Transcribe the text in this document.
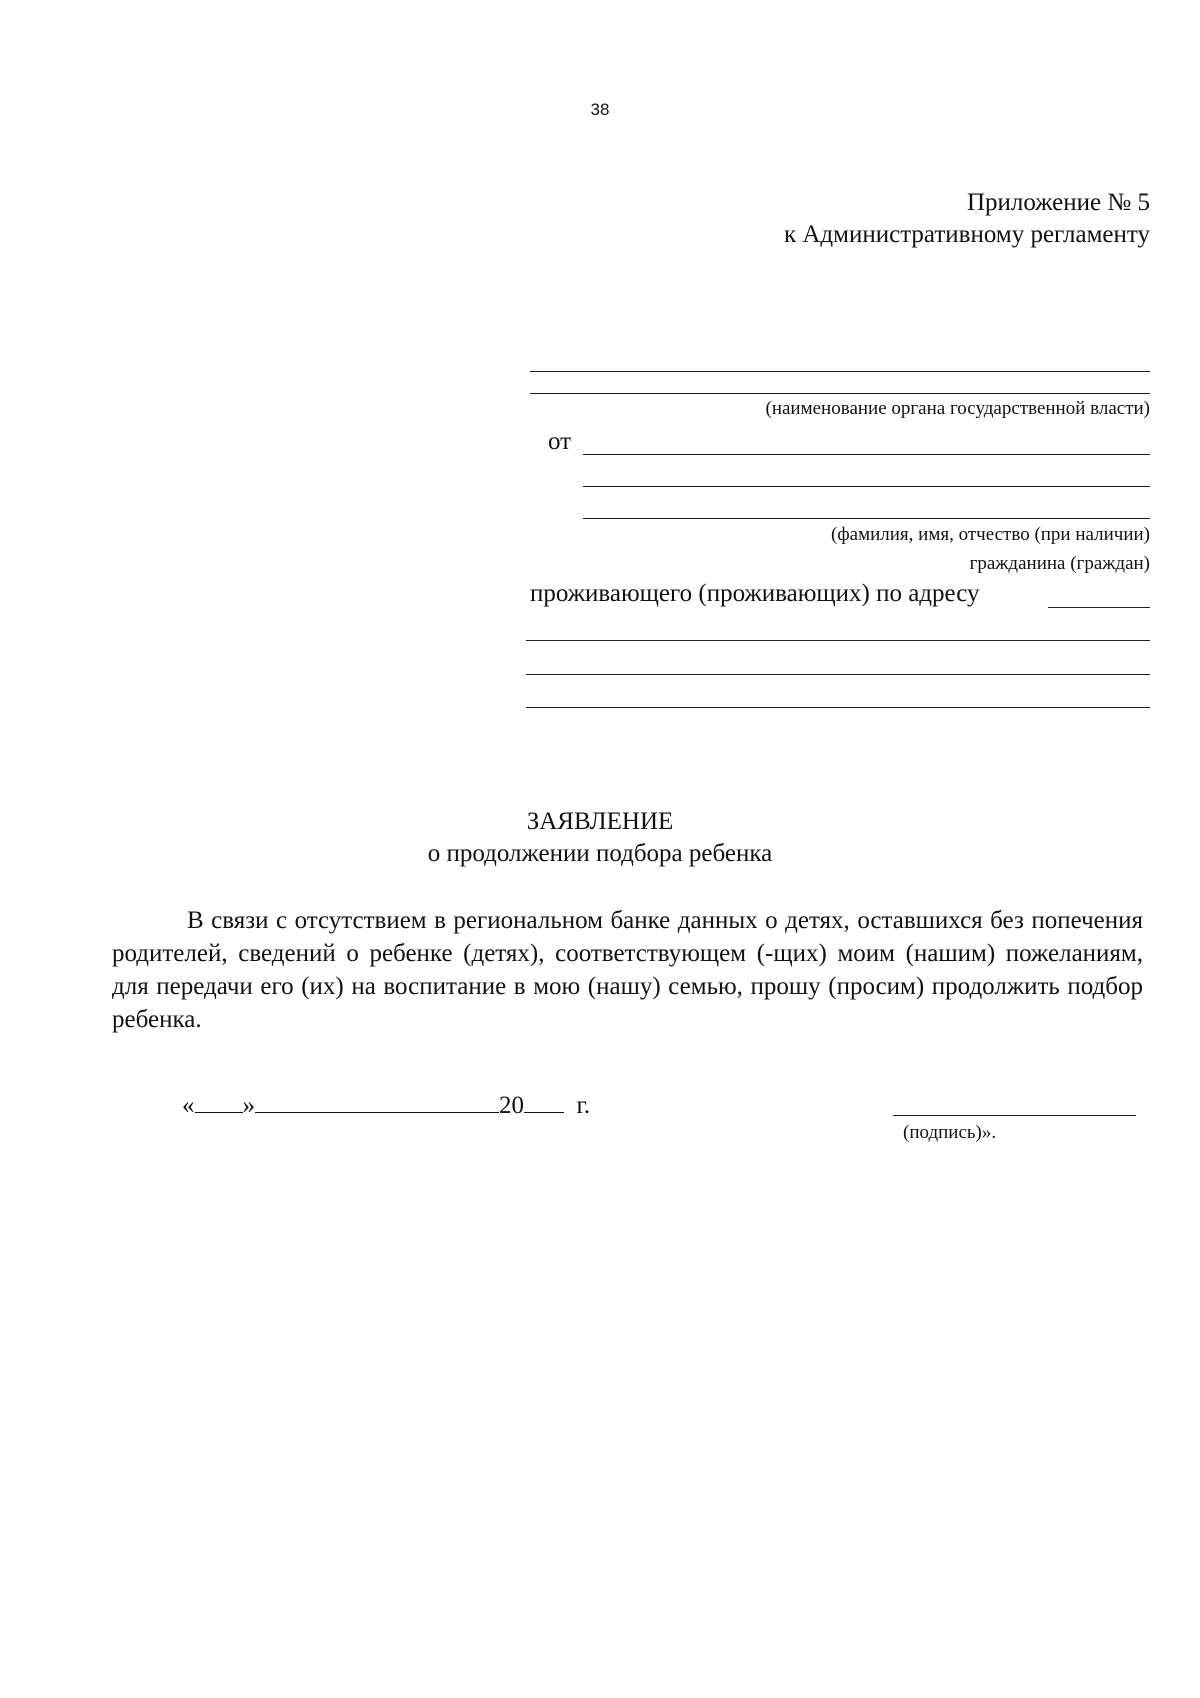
38
Приложение № 5
к Административному регламенту
(наименование органа государственной власти)
от
(фамилия, имя, отчество (при наличии)
гражданина (граждан)
проживающего (проживающих) по адресу
ЗАЯВЛЕНИЕ
о продолжении подбора ребенка
В связи с отсутствием в региональном банке данных о детях, оставшихся без попечения родителей, сведений о ребенке (детях), соответствующем (-щих) моим (нашим) пожеланиям, для передачи его (их) на воспитание в мою (нашу) семью, прошу (просим) продолжить подбор ребенка.
« »	20 г.
(подпись)».
